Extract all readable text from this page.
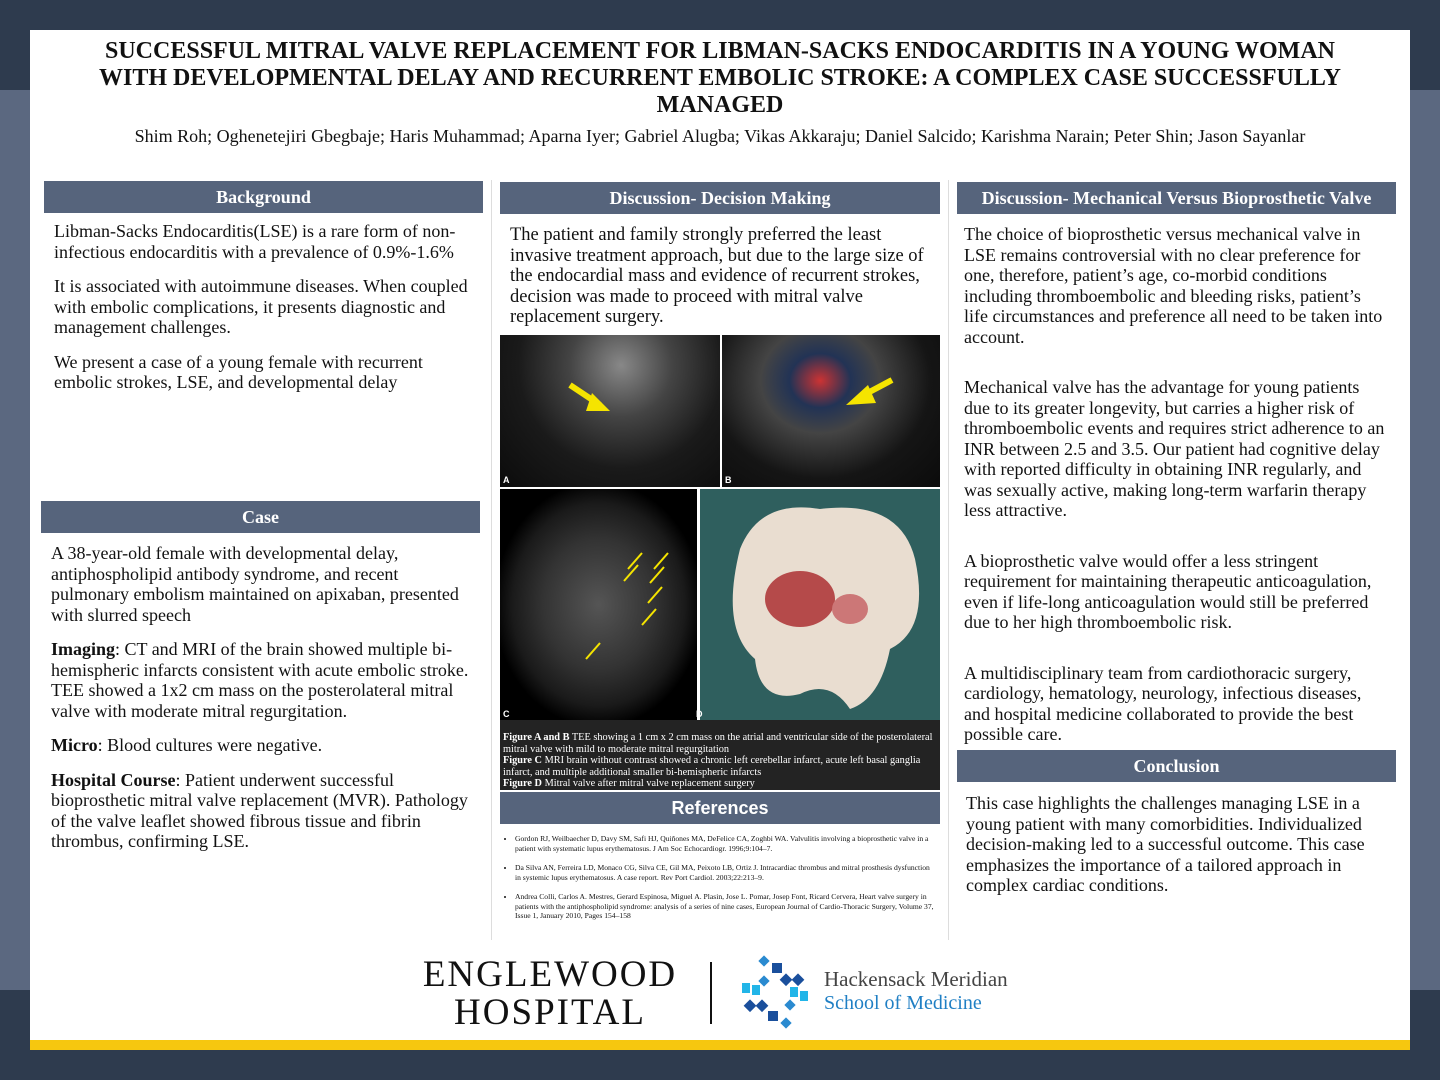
SUCCESSFUL MITRAL VALVE REPLACEMENT FOR LIBMAN-SACKS ENDOCARDITIS IN A YOUNG WOMAN WITH DEVELOPMENTAL DELAY AND RECURRENT EMBOLIC STROKE: A COMPLEX CASE SUCCESSFULLY MANAGED
Shim Roh; Oghenetejiri Gbegbaje; Haris Muhammad; Aparna Iyer; Gabriel Alugba; Vikas Akkaraju; Daniel Salcido; Karishma Narain; Peter Shin; Jason Sayanlar
Background

Libman-Sacks Endocarditis(LSE) is a rare form of non-infectious endocarditis with a prevalence of 0.9%-1.6%

It is associated with autoimmune diseases. When coupled with embolic complications, it presents diagnostic and management challenges.

We present a case of a young female with recurrent embolic strokes, LSE, and developmental delay

Case

A 38-year-old female with developmental delay, antiphospholipid antibody syndrome, and recent pulmonary embolism maintained on apixaban, presented with slurred speech

Imaging: CT and MRI of the brain showed multiple bi-hemispheric infarcts consistent with acute embolic stroke. TEE showed a 1x2 cm mass on the posterolateral mitral valve with moderate mitral regurgitation.

Micro: Blood cultures were negative.

Hospital Course: Patient underwent successful bioprosthetic mitral valve replacement (MVR). Pathology of the valve leaflet showed fibrous tissue and fibrin thrombus, confirming LSE.

Discussion- Decision Making
The patient and family strongly preferred the least invasive treatment approach, but due to the large size of the endocardial mass and evidence of recurrent strokes, decision was made to proceed with mitral valve replacement surgery.
A	B
C	D
Figure A and B TEE showing a 1 cm x 2 cm mass on the atrial and ventricular side of the posterolateral mitral valve with mild to moderate mitral regurgitation
Figure C MRI brain without contrast showed a chronic left cerebellar infarct, acute left basal ganglia infarct, and multiple additional smaller bi-hemispheric infarcts
Figure D Mitral valve after mitral valve replacement surgery
References
• Gordon RJ, Weilbaecher D, Davy SM, Safi HJ, Quiñones MA, DeFelice CA, Zoghbi WA. Valvulitis involving a bioprosthetic valve in a patient with systematic lupus erythematosus. J Am Soc Echocardiogr. 1996;9:104–7.
• Da Silva AN, Ferreira LD, Monaco CG, Silva CE, Gil MA, Peixoto LB, Ortiz J. Intracardiac thrombus and mitral prosthesis dysfunction in systemic lupus erythematosus. A case report. Rev Port Cardiol. 2003;22:213–9.
• Andrea Colli, Carlos A. Mestres, Gerard Espinosa, Miguel A. Plasin, Jose L. Pomar, Josep Font, Ricard Cervera, Heart valve surgery in patients with the antiphospholipid syndrome: analysis of a series of nine cases, European Journal of Cardio-Thoracic Surgery, Volume 37, Issue 1, January 2010, Pages 154–158
Discussion- Mechanical Versus Bioprosthetic Valve

The choice of bioprosthetic versus mechanical valve in LSE remains controversial with no clear preference for one, therefore, patient’s age, co-morbid conditions including thromboembolic and bleeding risks, patient’s life circumstances and preference all need to be taken into account.

Mechanical valve has the advantage for young patients due to its greater longevity, but carries a higher risk of thromboembolic events and requires strict adherence to an INR between 2.5 and 3.5. Our patient had cognitive delay with reported difficulty in obtaining INR regularly, and was sexually active, making long-term warfarin therapy less attractive.

A bioprosthetic valve would offer a less stringent requirement for maintaining therapeutic anticoagulation, even if life-long anticoagulation would still be preferred due to her high thromboembolic risk.

A multidisciplinary team from cardiothoracic surgery, cardiology, hematology, neurology, infectious diseases, and hospital medicine collaborated to provide the best possible care.

Conclusion
This case highlights the challenges managing LSE in a young patient with many comorbidities. Individualized decision-making led to a successful outcome. This case emphasizes the importance of a tailored approach in complex cardiac conditions.
ENGLEWOOD
HOSPITAL
Hackensack Meridian
School of Medicine
